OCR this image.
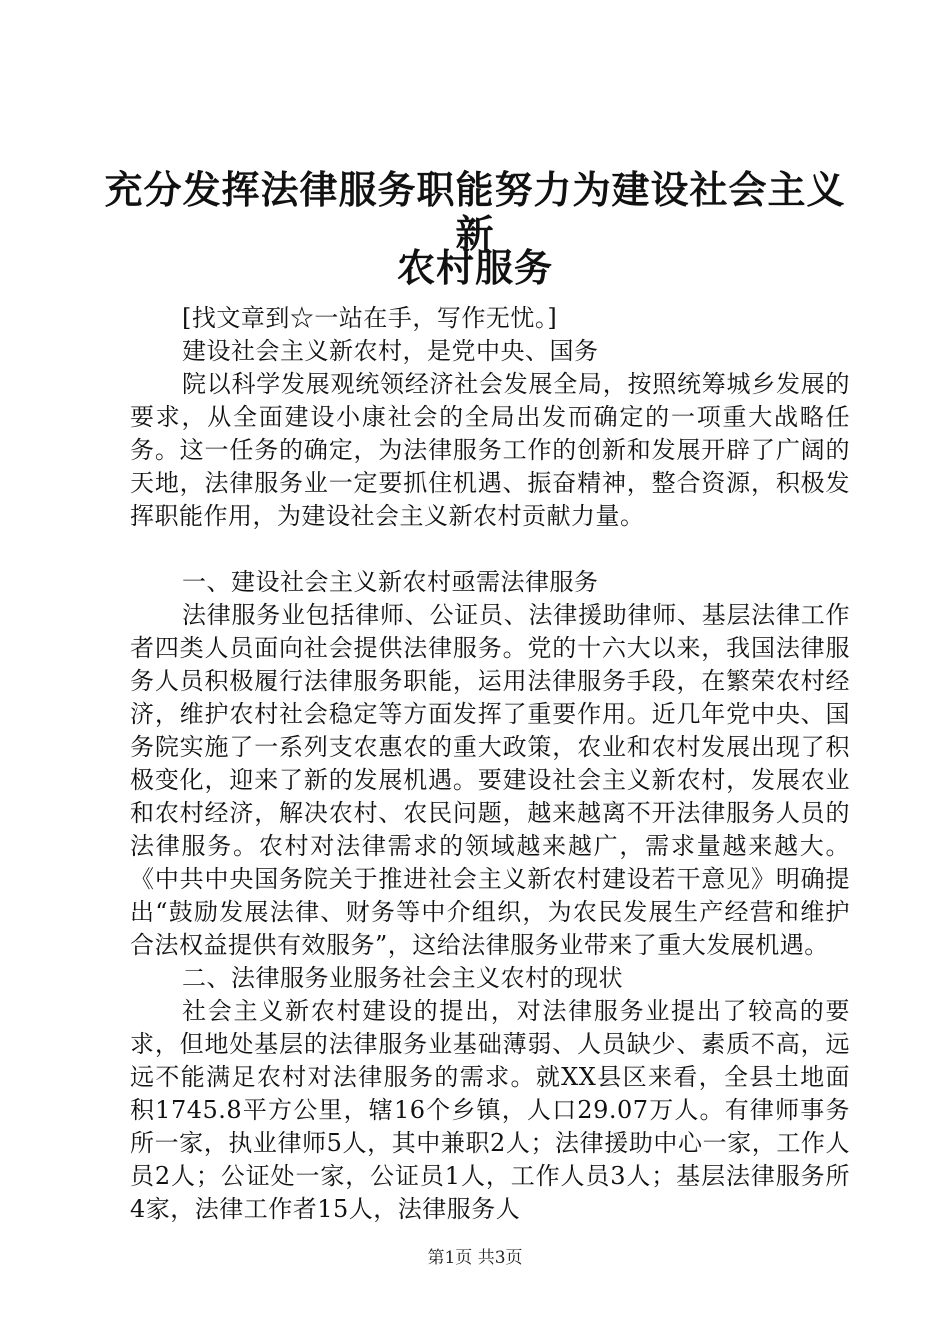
充分发挥法律服务职能努力为建设社会主义新
农村服务

[找文章到☆一站在手，写作无忧。]

建设社会主义新农村，是党中央、国务

院以科学发展观统领经济社会发展全局，按照统筹城乡发展的要求，从全面建设小康社会的全局出发而确定的一项重大战略任务。这一任务的确定，为法律服务工作的创新和发展开辟了广阔的天地，法律服务业一定要抓住机遇、振奋精神，整合资源，积极发挥职能作用，为建设社会主义新农村贡献力量。

一、建设社会主义新农村亟需法律服务

法律服务业包括律师、公证员、法律援助律师、基层法律工作者四类人员面向社会提供法律服务。党的十六大以来，我国法律服务人员积极履行法律服务职能，运用法律服务手段，在繁荣农村经济，维护农村社会稳定等方面发挥了重要作用。近几年党中央、国务院实施了一系列支农惠农的重大政策，农业和农村发展出现了积极变化，迎来了新的发展机遇。要建设社会主义新农村，发展农业和农村经济，解决农村、农民问题，越来越离不开法律服务人员的法律服务。农村对法律需求的领域越来越广，需求量越来越大。《中共中央国务院关于推进社会主义新农村建设若干意见》明确提出“鼓励发展法律、财务等中介组织，为农民发展生产经营和维护合法权益提供有效服务”，这给法律服务业带来了重大发展机遇。

二、法律服务业服务社会主义农村的现状

社会主义新农村建设的提出，对法律服务业提出了较高的要求，但地处基层的法律服务业基础薄弱、人员缺少、素质不高，远远不能满足农村对法律服务的需求。就XX县区来看，全县土地面积1745.8平方公里，辖16个乡镇，人口29.07万人。有律师事务所一家，执业律师5人，其中兼职2人；法律援助中心一家，工作人员2人；公证处一家，公证员1人，工作人员3人；基层法律服务所4家，法律工作者15人，法律服务人

第1页 共3页
